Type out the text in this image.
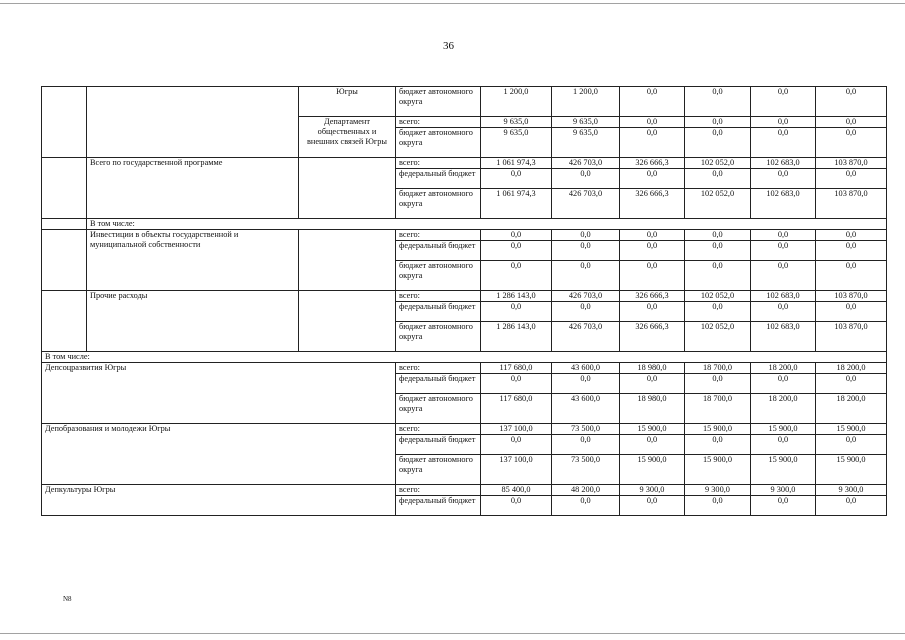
36
		Югры	бюджет автономного округа	1 200,0	1 200,0	0,0	0,0	0,0	0,0
		Департамент общественных и внешних связей Югры	всего:	9 635,0	9 635,0	0,0	0,0	0,0	0,0
			бюджет автономного округа	9 635,0	9 635,0	0,0	0,0	0,0	0,0
	Всего по государственной программе		всего:	1 061 974,3	426 703,0	326 666,3	102 052,0	102 683,0	103 870,0
			федеральный бюджет	0,0	0,0	0,0	0,0	0,0	0,0
			бюджет автономного округа	1 061 974,3	426 703,0	326 666,3	102 052,0	102 683,0	103 870,0
	В том числе:								
	Инвестиции в объекты государственной и муниципальной собственности		всего:	0,0	0,0	0,0	0,0	0,0	0,0
			федеральный бюджет	0,0	0,0	0,0	0,0	0,0	0,0
			бюджет автономного округа	0,0	0,0	0,0	0,0	0,0	0,0
	Прочие расходы		всего:	1 286 143,0	426 703,0	326 666,3	102 052,0	102 683,0	103 870,0
			федеральный бюджет	0,0	0,0	0,0	0,0	0,0	0,0
			бюджет автономного округа	1 286 143,0	426 703,0	326 666,3	102 052,0	102 683,0	103 870,0
В том числе:									
Депсоцразвития Югры			всего:	117 680,0	43 600,0	18 980,0	18 700,0	18 200,0	18 200,0
			федеральный бюджет	0,0	0,0	0,0	0,0	0,0	0,0
			бюджет автономного округа	117 680,0	43 600,0	18 980,0	18 700,0	18 200,0	18 200,0
Депобразования и молодежи Югры			всего:	137 100,0	73 500,0	15 900,0	15 900,0	15 900,0	15 900,0
			федеральный бюджет	0,0	0,0	0,0	0,0	0,0	0,0
			бюджет автономного округа	137 100,0	73 500,0	15 900,0	15 900,0	15 900,0	15 900,0
Депкультуры Югры			всего:	85 400,0	48 200,0	9 300,0	9 300,0	9 300,0	9 300,0
			федеральный бюджет	0,0	0,0	0,0	0,0	0,0	0,0
N8
